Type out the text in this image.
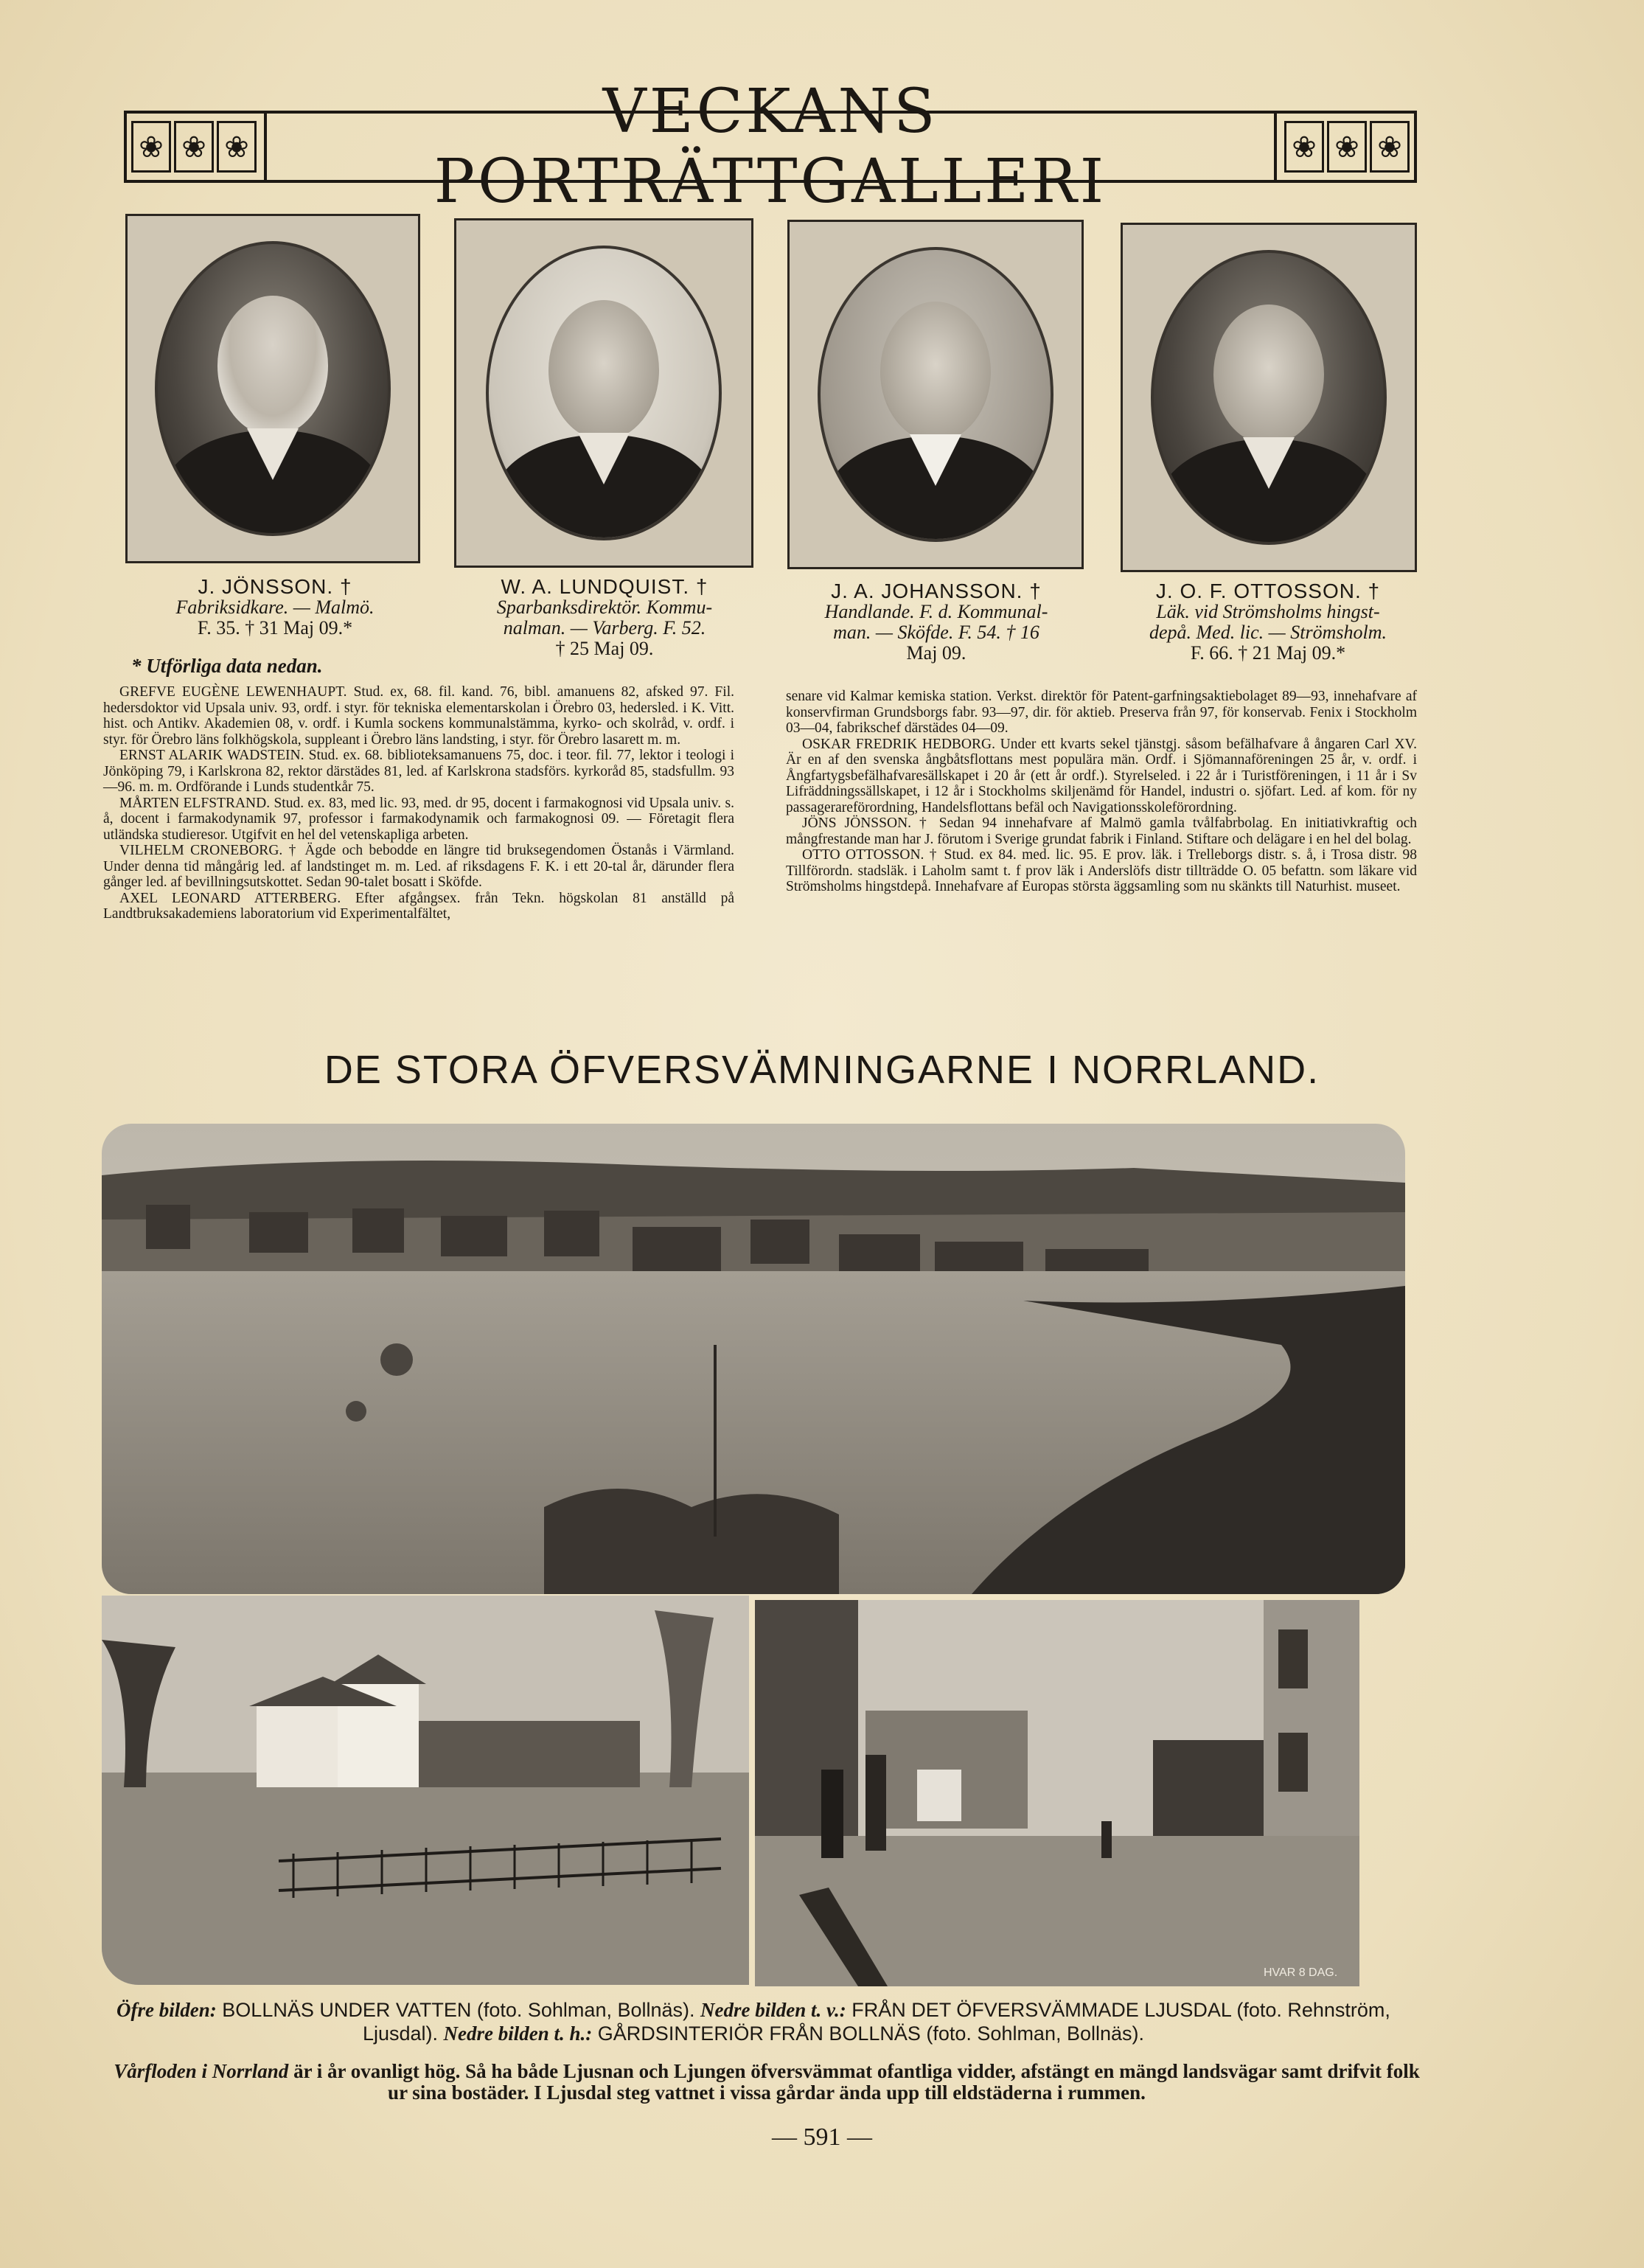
❀ ❀ ❀	VECKANS PORTRÄTTGALLERI	❀ ❀ ❀
J. JÖNSSON. †
Fabriksidkare. — Malmö.
F. 35. † 31 Maj 09.*
W. A. LUNDQUIST. †
Sparbanksdirektör. Kommu-
nalman. — Varberg. F. 52.
† 25 Maj 09.
J. A. JOHANSSON. †
Handlande. F. d. Kommunal-
man. — Sköfde. F. 54. † 16
Maj 09.
J. O. F. OTTOSSON. †
Läk. vid Strömsholms hingst-
depå. Med. lic. — Strömsholm.
F. 66. † 21 Maj 09.*
* Utförliga data nedan.

GREFVE EUGÈNE LEWENHAUPT. Stud. ex, 68. fil. kand. 76, bibl. amanuens 82, afsked 97. Fil. hedersdoktor vid Upsala univ. 93, ordf. i styr. för tekniska elementarskolan i Örebro 03, hedersled. i K. Vitt. hist. och Antikv. Akademien 08, v. ordf. i Kumla sockens kommunalstämma, kyrko- och skolråd, v. ordf. i styr. för Örebro läns folkhögskola, suppleant i Örebro läns landsting, i styr. för Örebro lasarett m. m.

ERNST ALARIK WADSTEIN. Stud. ex. 68. biblioteksamanuens 75, doc. i teor. fil. 77, lektor i teologi i Jönköping 79, i Karlskrona 82, rektor därstädes 81, led. af Karlskrona stadsförs. kyrkoråd 85, stadsfullm. 93—96. m. m. Ordförande i Lunds studentkår 75.

MÅRTEN ELFSTRAND. Stud. ex. 83, med lic. 93, med. dr 95, docent i farmakognosi vid Upsala univ. s. å, docent i farmakodynamik 97, professor i farmakodynamik och farmakognosi 09. — Företagit flera utländska studieresor. Utgifvit en hel del vetenskapliga arbeten.

VILHELM CRONEBORG. † Ägde och bebodde en längre tid bruksegendomen Östanås i Värmland. Under denna tid mångårig led. af landstinget m. m. Led. af riksdagens F. K. i ett 20-tal år, därunder flera gånger led. af bevillningsutskottet. Sedan 90-talet bosatt i Sköfde.

AXEL LEONARD ATTERBERG. Efter afgångsex. från Tekn. högskolan 81 anställd på Landtbruksakademiens laboratorium vid Experimentalfältet,

senare vid Kalmar kemiska station. Verkst. direktör för Patent-garfningsaktiebolaget 89—93, innehafvare af konservfirman Grundsborgs fabr. 93—97, dir. för aktieb. Preserva från 97, för konservab. Fenix i Stockholm 03—04, fabrikschef därstädes 04—09.

OSKAR FREDRIK HEDBORG. Under ett kvarts sekel tjänstgj. såsom befälhafvare å ångaren Carl XV. Är en af den svenska ångbåtsflottans mest populära män. Ordf. i Sjömannaföreningen 25 år, v. ordf. i Ångfartygsbefälhafvaresällskapet i 20 år (ett år ordf.). Styrelseled. i 22 år i Turistföreningen, i 11 år i Sv Lifräddningssällskapet, i 12 år i Stockholms skiljenämd för Handel, industri o. sjöfart. Led. af kom. för ny passagerareförordning, Handelsflottans befäl och Navigationsskoleförordning.

JÖNS JÖNSSON. † Sedan 94 innehafvare af Malmö gamla tvålfabrbolag. En initiativkraftig och mångfrestande man har J. förutom i Sverige grundat fabrik i Finland. Stiftare och delägare i en hel del bolag.

OTTO OTTOSSON. † Stud. ex 84. med. lic. 95. E prov. läk. i Trelleborgs distr. s. å, i Trosa distr. 98 Tillförordn. stadsläk. i Laholm samt t. f prov läk i Anderslöfs distr tillträdde O. 05 befattn. som läkare vid Strömsholms hingstdepå. Innehafvare af Europas största äggsamling som nu skänkts till Naturhist. museet.

DE STORA ÖFVERSVÄMNINGARNE I NORRLAND.
HVAR 8 DAG.
Öfre bilden: BOLLNÄS UNDER VATTEN (foto. Sohlman, Bollnäs). Nedre bilden t. v.: FRÅN DET ÖFVERSVÄMMADE LJUSDAL (foto. Rehnström, Ljusdal). Nedre bilden t. h.: GÅRDSINTERIÖR FRÅN BOLLNÄS (foto. Sohlman, Bollnäs).
Vårfloden i Norrland är i år ovanligt hög. Så ha både Ljusnan och Ljungen öfversvämmat ofantliga vidder, afstängt en mängd landsvägar samt drifvit folk ur sina bostäder. I Ljusdal steg vattnet i vissa gårdar ända upp till eldstäderna i rummen.
— 591 —
